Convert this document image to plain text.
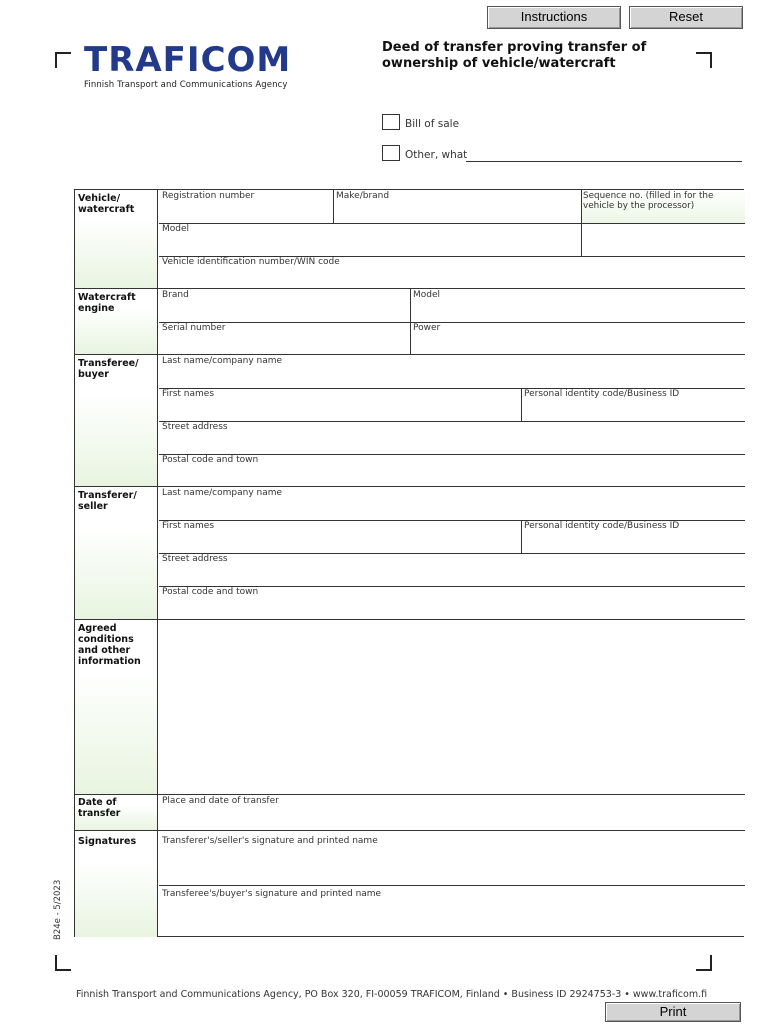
Instructions	Reset
TRAFICOM
Finnish Transport and Communications Agency
Deed of transfer proving transfer of ownership of vehicle/watercraft
Bill of sale
Other, what
Vehicle/ watercraft
Registration number	Make/brand	Sequence no. (filled in for the vehicle by the processor)
Model
Vehicle identification number/WIN code
Watercraft engine
Brand	Model
Serial number	Power
Transferee/ buyer
Last name/company name
First names	Personal identity code/Business ID
Street address
Postal code and town
Transferer/ seller
Last name/company name
First names	Personal identity code/Business ID
Street address
Postal code and town
Agreed conditions and other information
Date of transfer
Place and date of transfer
Signatures	Transferer's/seller's signature and printed name
Transferee's/buyer's signature and printed name
B24e - 5/2023
Finnish Transport and Communications Agency, PO Box 320, FI-00059 TRAFICOM, Finland • Business ID 2924753-3 • www.traficom.fi
Print
